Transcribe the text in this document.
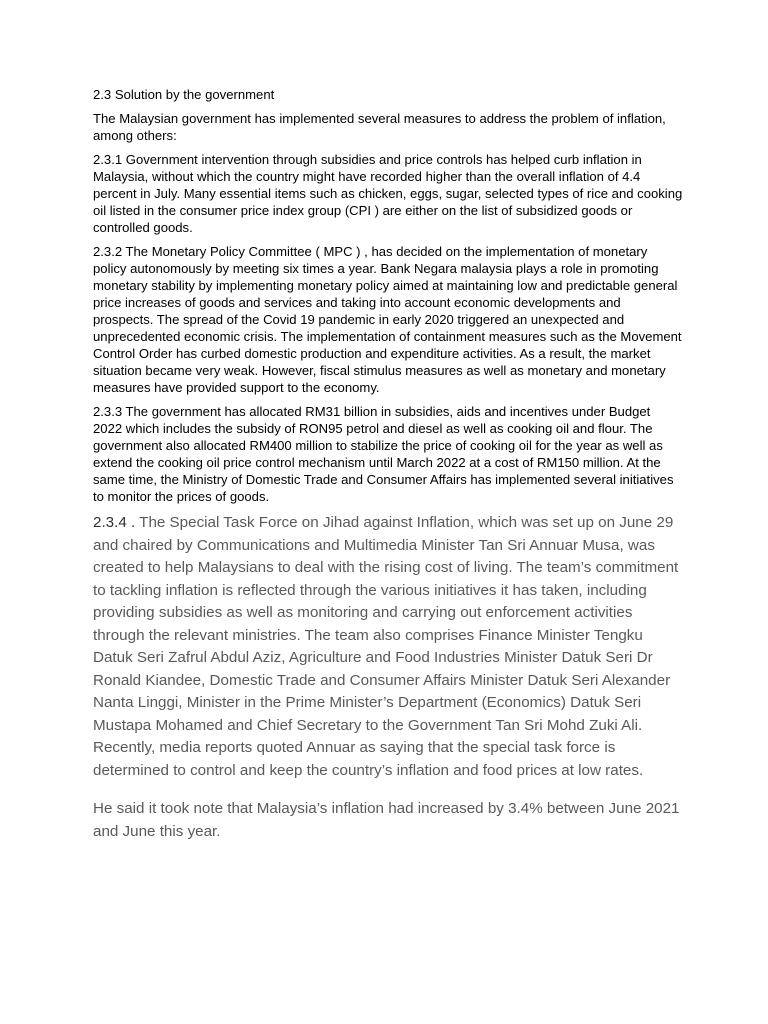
2.3 Solution by the government

The Malaysian government has implemented several measures to address the problem of inflation, among others:

2.3.1 Government intervention through subsidies and price controls has helped curb inflation in Malaysia, without which the country might have recorded higher than the overall inflation of 4.4 percent in July. Many essential items such as chicken, eggs, sugar, selected types of rice and cooking oil listed in the consumer price index group (CPI ) are either on the list of subsidized goods or controlled goods.

2.3.2 The Monetary Policy Committee ( MPC ) , has decided on the implementation of monetary policy autonomously by meeting six times a year. Bank Negara malaysia plays a role in promoting monetary stability by implementing monetary policy aimed at maintaining low and predictable general price increases of goods and services and taking into account economic developments and prospects. The spread of the Covid 19 pandemic in early 2020 triggered an unexpected and unprecedented economic crisis. The implementation of containment measures such as the Movement Control Order has curbed domestic production and expenditure activities. As a result, the market situation became very weak. However, fiscal stimulus measures as well as monetary and monetary measures have provided support to the economy.

2.3.3 The government has allocated RM31 billion in subsidies, aids and incentives under Budget 2022 which includes the subsidy of RON95 petrol and diesel as well as cooking oil and flour. The government also allocated RM400 million to stabilize the price of cooking oil for the year as well as extend the cooking oil price control mechanism until March 2022 at a cost of RM150 million. At the same time, the Ministry of Domestic Trade and Consumer Affairs has implemented several initiatives to monitor the prices of goods.

2.3.4 . The Special Task Force on Jihad against Inflation, which was set up on June 29 and chaired by Communications and Multimedia Minister Tan Sri Annuar Musa, was created to help Malaysians to deal with the rising cost of living. The team’s commitment to tackling inflation is reflected through the various initiatives it has taken, including providing subsidies as well as monitoring and carrying out enforcement activities through the relevant ministries. The team also comprises Finance Minister Tengku Datuk Seri Zafrul Abdul Aziz, Agriculture and Food Industries Minister Datuk Seri Dr Ronald Kiandee, Domestic Trade and Consumer Affairs Minister Datuk Seri Alexander Nanta Linggi, Minister in the Prime Minister’s Department (Economics) Datuk Seri Mustapa Mohamed and Chief Secretary to the Government Tan Sri Mohd Zuki Ali. Recently, media reports quoted Annuar as saying that the special task force is determined to control and keep the country’s inflation and food prices at low rates.

He said it took note that Malaysia’s inflation had increased by 3.4% between June 2021 and June this year.
